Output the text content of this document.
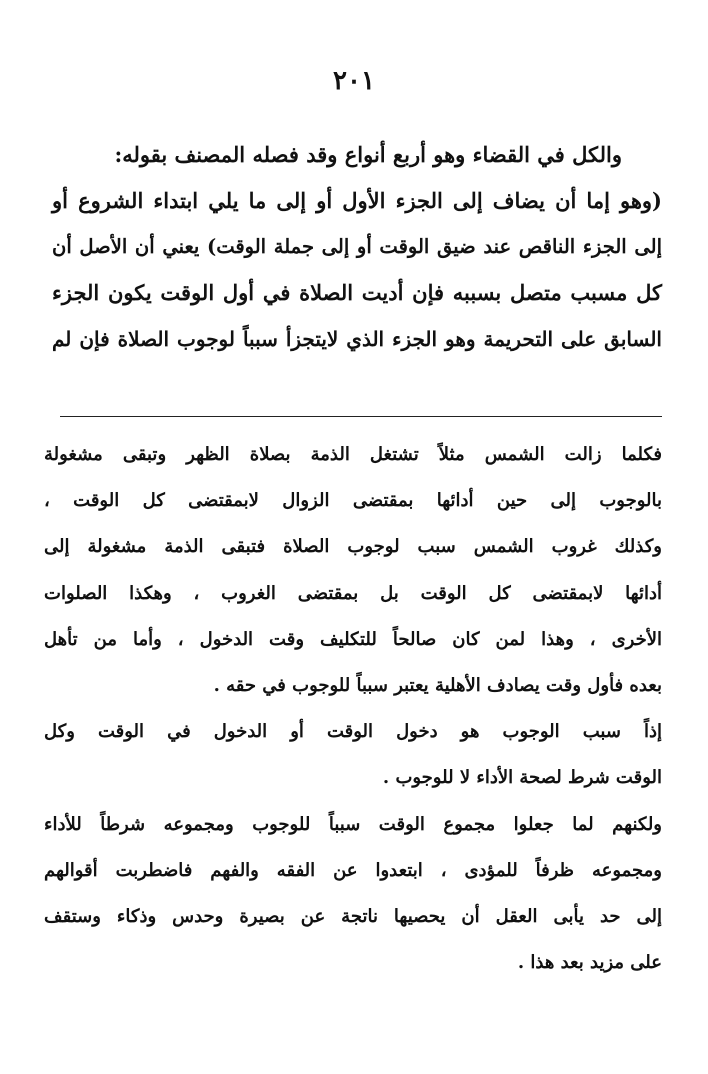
٢٠١
والكل في القضاء وهو أربع أنواع وقد فصله المصنف بقوله:
(وهو إما أن يضاف إلى الجزء الأول أو إلى ما يلي ابتداء الشروع أو
إلى الجزء الناقص عند ضيق الوقت أو إلى جملة الوقت) يعني أن الأصل أن
كل مسبب متصل بسببه فإن أديت الصلاة في أول الوقت يكون الجزء
السابق على التحريمة وهو الجزء الذي لايتجزأ سبباً لوجوب الصلاة فإن لم
فكلما زالت الشمس مثلاً تشتغل الذمة بصلاة الظهر وتبقى مشغولة
بالوجوب إلى حين أدائها بمقتضى الزوال لابمقتضى كل الوقت ،
وكذلك غروب الشمس سبب لوجوب الصلاة فتبقى الذمة مشغولة إلى
أدائها لابمقتضى كل الوقت بل بمقتضى الغروب ، وهكذا الصلوات
الأخرى ، وهذا لمن كان صالحاً للتكليف وقت الدخول ، وأما من تأهل
بعده فأول وقت يصادف الأهلية يعتبر سبباً للوجوب في حقه .
إذاً سبب الوجوب هو دخول الوقت أو الدخول في الوقت وكل
الوقت شرط لصحة الأداء لا للوجوب .
ولكنهم لما جعلوا مجموع الوقت سبباً للوجوب ومجموعه شرطاً للأداء
ومجموعه ظرفاً للمؤدى ، ابتعدوا عن الفقه والفهم فاضطربت أقوالهم
إلى حد يأبى العقل أن يحصيها ناتجة عن بصيرة وحدس وذكاء وستقف
على مزيد بعد هذا .
